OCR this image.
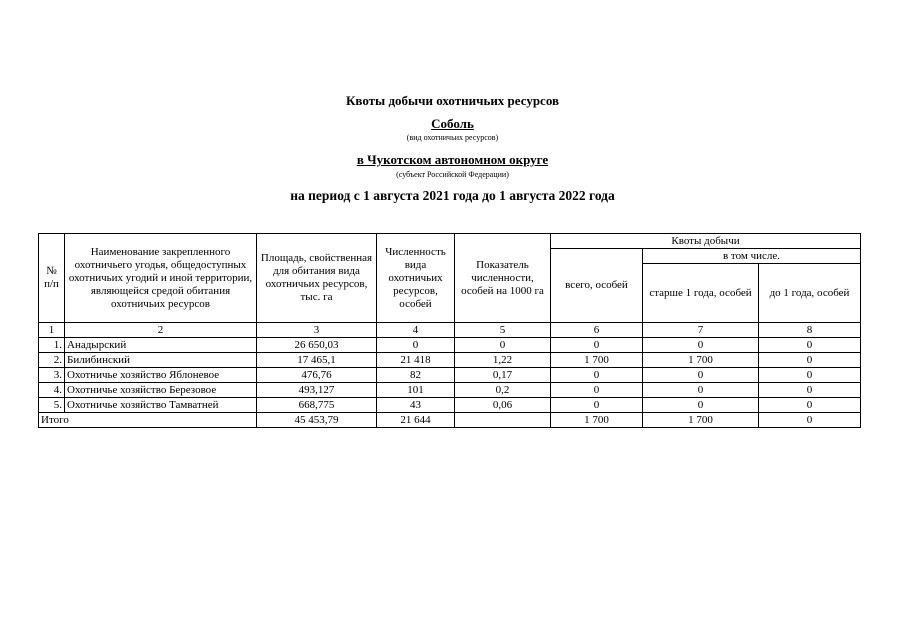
Квоты добычи охотничьих ресурсов
Соболь
(вид охотничьих ресурсов)
в Чукотском автономном округе
(субъект Российской Федерации)
на период с 1 августа 2021 года до 1 августа 2022 года
№ п/п	Наименование закрепленного охотничьего угодья, общедоступных охотничьих угодий и иной территории, являющейся средой обитания охотничьих ресурсов	Площадь, свойственная для обитания вида охотничьих ресурсов, тыс. га	Численность вида охотничьих ресурсов, особей	Показатель численности, особей на 1000 га	Квоты добычи		
					всего, особей	в том числе.	
						старше 1 года, особей	до 1 года, особей
1	2	3	4	5	6	7	8
1.	Анадырский	26 650,03	0	0	0	0	0
2.	Билибинский	17 465,1	21 418	1,22	1 700	1 700	0
3.	Охотничье хозяйство Яблоневое	476,76	82	0,17	0	0	0
4.	Охотничье хозяйство Березовое	493,127	101	0,2	0	0	0
5.	Охотничье хозяйство Тамватней	668,775	43	0,06	0	0	0
Итого		45 453,79	21 644		1 700	1 700	0
